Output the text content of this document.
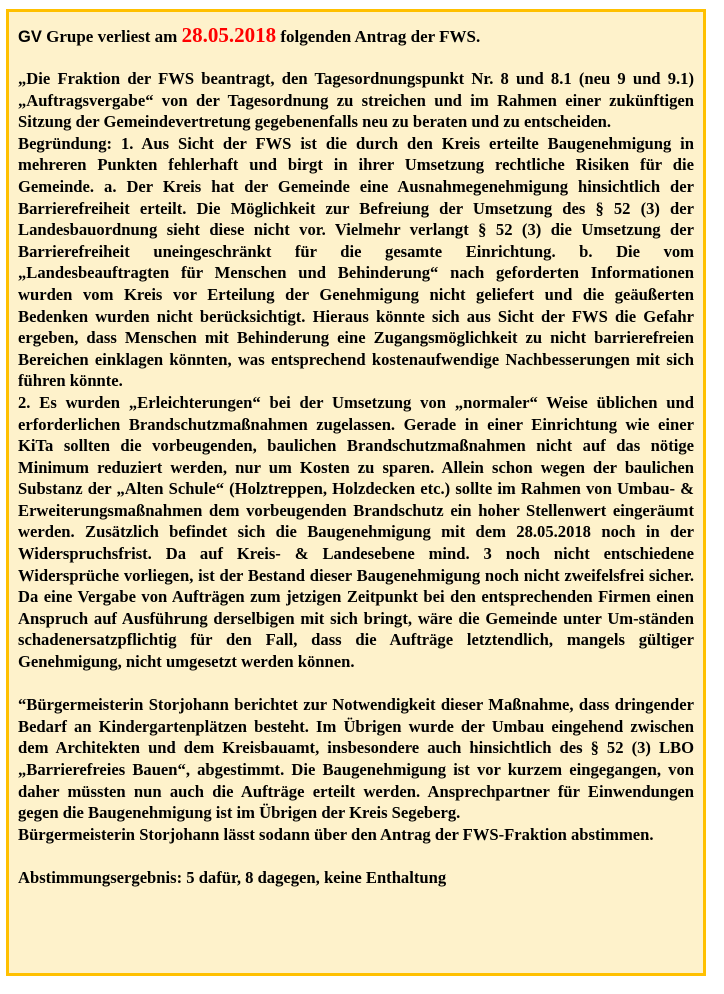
GV Grupe verliest am 28.05.2018 folgenden Antrag der FWS.

„Die Fraktion der FWS beantragt, den Tagesordnungspunkt Nr. 8 und 8.1 (neu 9 und 9.1) „Auftragsvergabe“ von der Tagesordnung zu streichen und im Rahmen einer zukünftigen Sitzung der Gemeindevertretung gegebenenfalls neu zu beraten und zu entscheiden.

Begründung: 1. Aus Sicht der FWS ist die durch den Kreis erteilte Baugenehmigung in mehreren Punkten fehlerhaft und birgt in ihrer Umsetzung rechtliche Risiken für die Gemeinde. a. Der Kreis hat der Gemeinde eine Ausnahmegenehmigung hinsichtlich der Barrierefreiheit erteilt. Die Möglichkeit zur Befreiung der Umsetzung des § 52 (3) der Landesbauordnung sieht diese nicht vor. Vielmehr verlangt § 52 (3) die Umsetzung der Barrierefreiheit uneingeschränkt für die gesamte Einrichtung. b. Die vom „Landesbeauftragten für Menschen und Behinderung“ nach geforderten Informationen wurden vom Kreis vor Erteilung der Genehmigung nicht geliefert und die geäußerten Bedenken wurden nicht berücksichtigt. Hieraus könnte sich aus Sicht der FWS die Gefahr ergeben, dass Menschen mit Behinderung eine Zugangsmöglichkeit zu nicht barrierefreien Bereichen einklagen könnten, was entsprechend kostenaufwendige Nachbesserungen mit sich führen könnte.

2. Es wurden „Erleichterungen“ bei der Umsetzung von „normaler“ Weise üblichen und erforderlichen Brandschutzmaßnahmen zugelassen. Gerade in einer Einrichtung wie einer KiTa sollten die vorbeugenden, baulichen Brandschutzmaßnahmen nicht auf das nötige Minimum reduziert werden, nur um Kosten zu sparen. Allein schon wegen der baulichen Substanz der „Alten Schule“ (Holztreppen, Holzdecken etc.) sollte im Rahmen von Umbau- & Erweiterungsmaßnahmen dem vorbeugenden Brandschutz ein hoher Stellenwert eingeräumt werden. Zusätzlich befindet sich die Baugenehmigung mit dem 28.05.2018 noch in der Widerspruchsfrist. Da auf Kreis- & Landesebene mind. 3 noch nicht entschiedene Widersprüche vorliegen, ist der Bestand dieser Baugenehmigung noch nicht zweifelsfrei sicher. Da eine Vergabe von Aufträgen zum jetzigen Zeitpunkt bei den entsprechenden Firmen einen Anspruch auf Ausführung derselbigen mit sich bringt, wäre die Gemeinde unter Um-ständen schadenersatzpflichtig für den Fall, dass die Aufträge letztendlich, mangels gültiger Genehmigung, nicht umgesetzt werden können.

“Bürgermeisterin Storjohann berichtet zur Notwendigkeit dieser Maßnahme, dass dringender Bedarf an Kindergartenplätzen besteht. Im Übrigen wurde der Umbau eingehend zwischen dem Architekten und dem Kreisbauamt, insbesondere auch hinsichtlich des § 52 (3) LBO „Barrierefreies Bauen“, abgestimmt. Die Baugenehmigung ist vor kurzem eingegangen, von daher müssten nun auch die Aufträge erteilt werden. Ansprechpartner für Einwendungen gegen die Baugenehmigung ist im Übrigen der Kreis Segeberg.

Bürgermeisterin Storjohann lässt sodann über den Antrag der FWS-Fraktion abstimmen.

Abstimmungsergebnis: 5 dafür, 8 dagegen, keine Enthaltung
